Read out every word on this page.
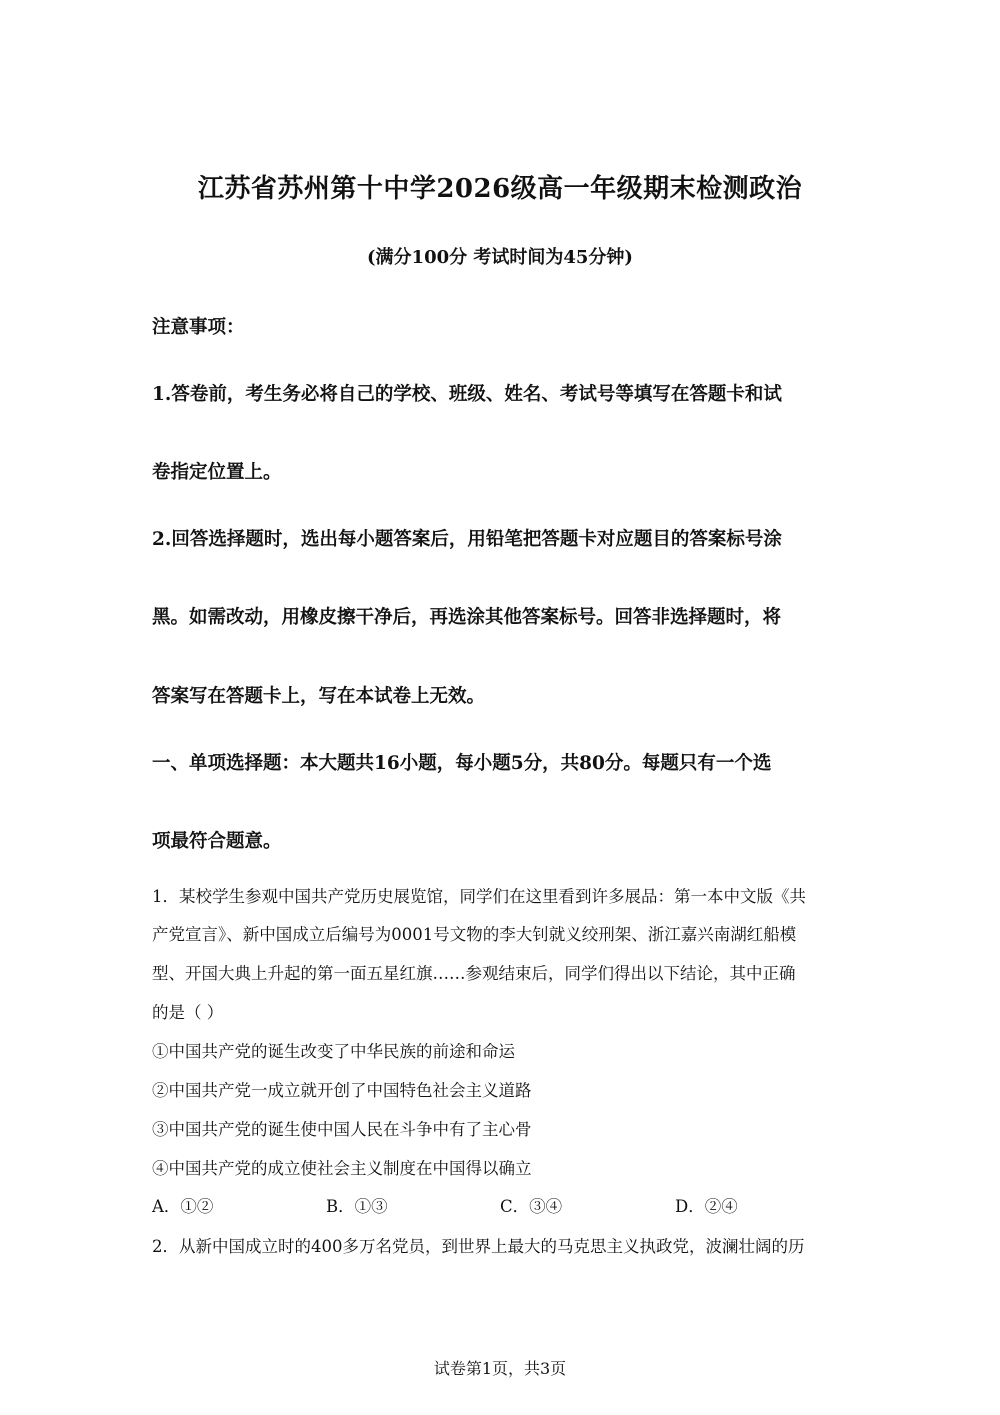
江苏省苏州第十中学2026级高一年级期末检测政治
(满分100分 考试时间为45分钟)
注意事项：
1.答卷前，考生务必将自己的学校、班级、姓名、考试号等填写在答题卡和试
卷指定位置上。
2.回答选择题时，选出每小题答案后，用铅笔把答题卡对应题目的答案标号涂
黑。如需改动，用橡皮擦干净后，再选涂其他答案标号。回答非选择题时，将
答案写在答题卡上，写在本试卷上无效。
一、单项选择题：本大题共16小题，每小题5分，共80分。每题只有一个选
项最符合题意。
1．某校学生参观中国共产党历史展览馆，同学们在这里看到许多展品：第一本中文版《共
产党宣言》、新中国成立后编号为0001号文物的李大钊就义绞刑架、浙江嘉兴南湖红船模
型、开国大典上升起的第一面五星红旗……参观结束后，同学们得出以下结论，其中正确
的是（ ）
①中国共产党的诞生改变了中华民族的前途和命运
②中国共产党一成立就开创了中国特色社会主义道路
③中国共产党的诞生使中国人民在斗争中有了主心骨
④中国共产党的成立使社会主义制度在中国得以确立
A．①②	B．①③	C．③④	D．②④
2．从新中国成立时的400多万名党员，到世界上最大的马克思主义执政党，波澜壮阔的历
试卷第1页，共3页
